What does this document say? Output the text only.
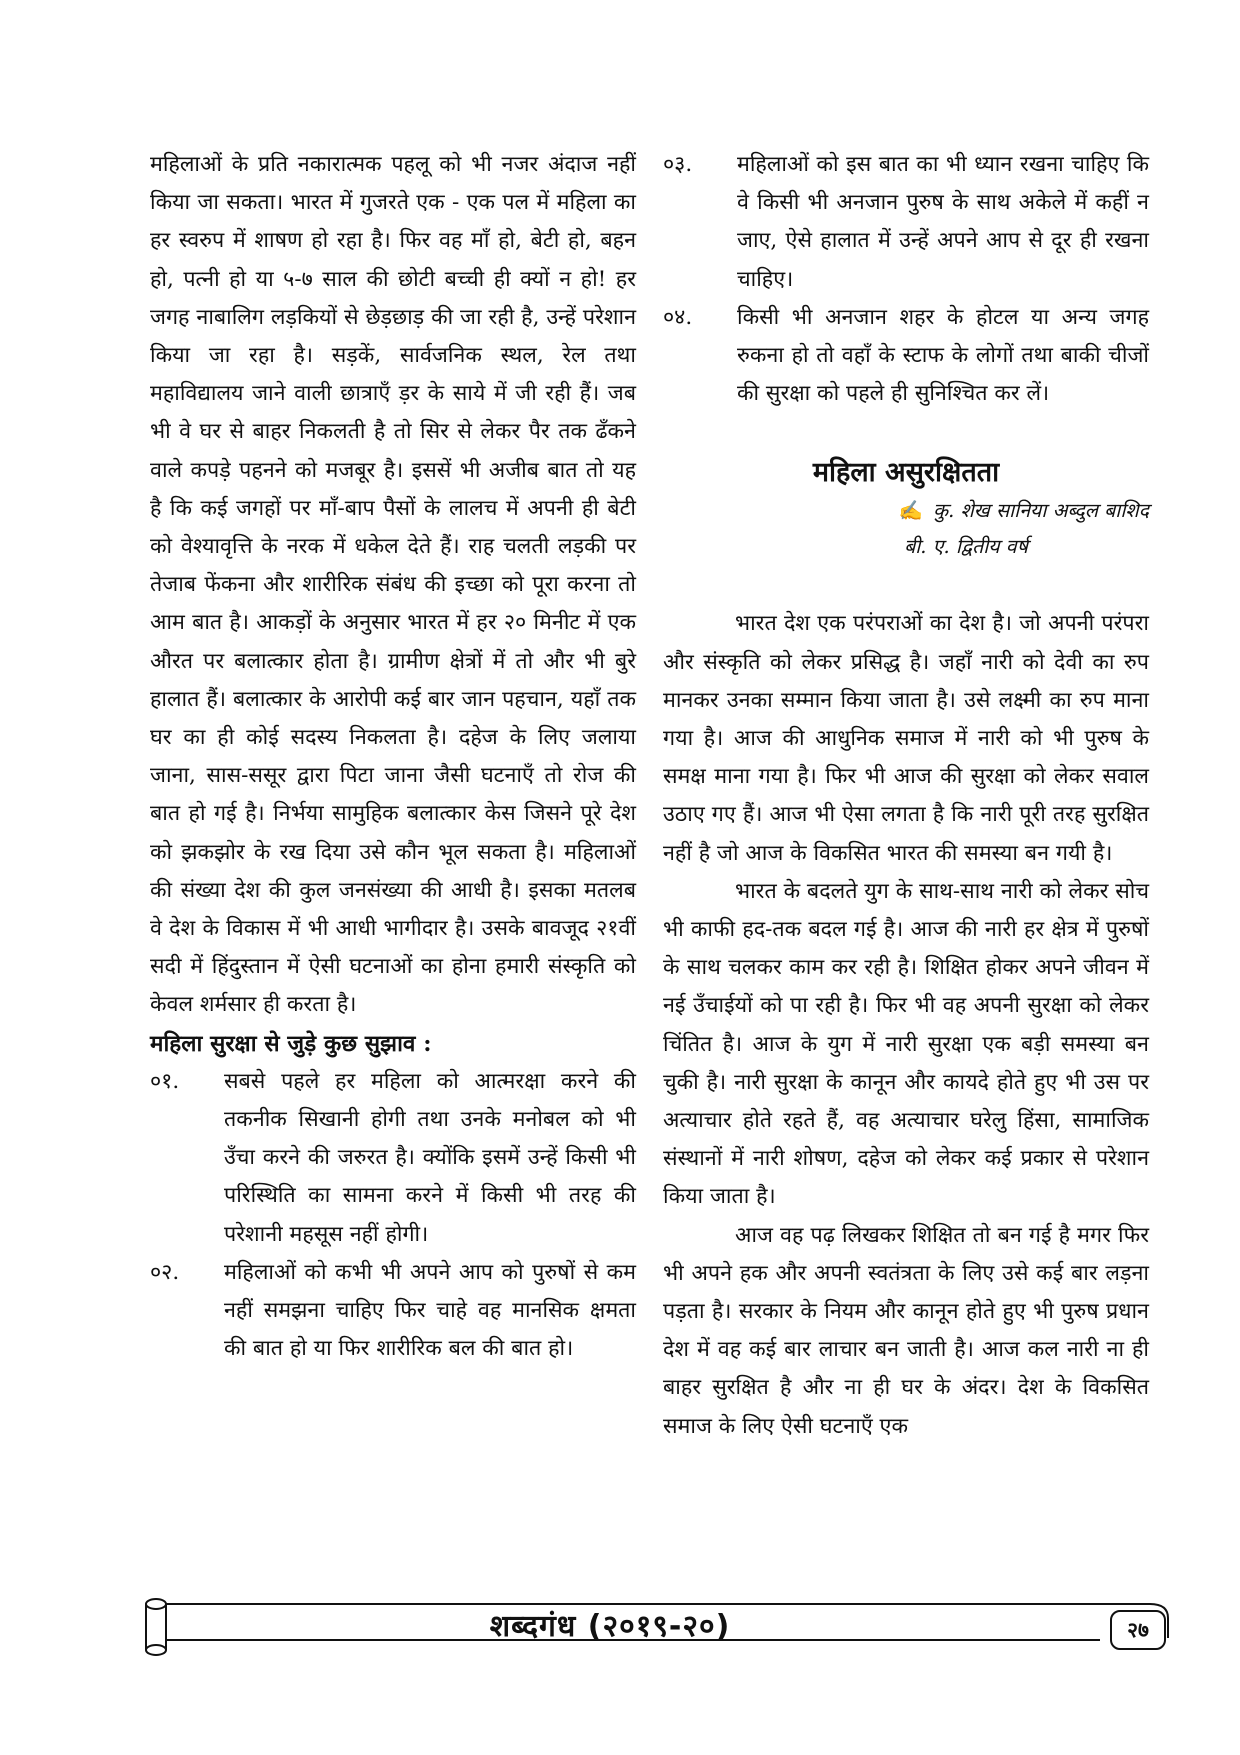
महिलाओं के प्रति नकारात्मक पहलू को भी नजर अंदाज नहीं किया जा सकता। भारत में गुजरते एक - एक पल में महिला का हर स्वरुप में शाषण हो रहा है। फिर वह माँ हो, बेटी हो, बहन हो, पत्नी हो या ५-७ साल की छोटी बच्ची ही क्यों न हो! हर जगह नाबालिग लड़कियों से छेड़छाड़ की जा रही है, उन्हें परेशान किया जा रहा है। सड़कें, सार्वजनिक स्थल, रेल तथा महाविद्यालय जाने वाली छात्राएँ ड़र के साये में जी रही हैं। जब भी वे घर से बाहर निकलती है तो सिर से लेकर पैर तक ढँकने वाले कपड़े पहनने को मजबूर है। इससें भी अजीब बात तो यह है कि कई जगहों पर माँ-बाप पैसों के लालच में अपनी ही बेटी को वेश्यावृत्ति के नरक में धकेल देते हैं। राह चलती लड़की पर तेजाब फेंकना और शारीरिक संबंध की इच्छा को पूरा करना तो आम बात है। आकड़ों के अनुसार भारत में हर २० मिनीट में एक औरत पर बलात्कार होता है। ग्रामीण क्षेत्रों में तो और भी बुरे हालात हैं। बलात्कार के आरोपी कई बार जान पहचान, यहाँ तक घर का ही कोई सदस्य निकलता है। दहेज के लिए जलाया जाना, सास-ससूर द्वारा पिटा जाना जैसी घटनाएँ तो रोज की बात हो गई है। निर्भया सामुहिक बलात्कार केस जिसने पूरे देश को झकझोर के रख दिया उसे कौन भूल सकता है। महिलाओं की संख्या देश की कुल जनसंख्या की आधी है। इसका मतलब वे देश के विकास में भी आधी भागीदार है। उसके बावजूद २१वीं सदी में हिंदुस्तान में ऐसी घटनाओं का होना हमारी संस्कृति को केवल शर्मसार ही करता है।

महिला सुरक्षा से जुड़े कुछ सुझाव :

०१.	सबसे पहले हर महिला को आत्मरक्षा करने की तकनीक सिखानी होगी तथा उनके मनोबल को भी उँचा करने की जरुरत है। क्योंकि इसमें उन्हें किसी भी परिस्थिति का सामना करने में किसी भी तरह की परेशानी महसूस नहीं होगी।
०२.	महिलाओं को कभी भी अपने आप को पुरुषों से कम नहीं समझना चाहिए फिर चाहे वह मानसिक क्षमता की बात हो या फिर शारीरिक बल की बात हो।
०३.	महिलाओं को इस बात का भी ध्यान रखना चाहिए कि वे किसी भी अनजान पुरुष के साथ अकेले में कहीं न जाए, ऐसे हालात में उन्हें अपने आप से दूर ही रखना चाहिए।
०४.	किसी भी अनजान शहर के होटल या अन्य जगह रुकना हो तो वहाँ के स्टाफ के लोगों तथा बाकी चीजों की सुरक्षा को पहले ही सुनिश्चित कर लें।
महिला असुरक्षितता
✍ कु. शेख सानिया अब्दुल बाशिद
बी. ए. द्वितीय वर्ष

भारत देश एक परंपराओं का देश है। जो अपनी परंपरा और संस्कृति को लेकर प्रसिद्ध है। जहाँ नारी को देवी का रुप मानकर उनका सम्मान किया जाता है। उसे लक्ष्मी का रुप माना गया है। आज की आधुनिक समाज में नारी को भी पुरुष के समक्ष माना गया है। फिर भी आज की सुरक्षा को लेकर सवाल उठाए गए हैं। आज भी ऐसा लगता है कि नारी पूरी तरह सुरक्षित नहीं है जो आज के विकसित भारत की समस्या बन गयी है।

भारत के बदलते युग के साथ-साथ नारी को लेकर सोच भी काफी हद-तक बदल गई है। आज की नारी हर क्षेत्र में पुरुषों के साथ चलकर काम कर रही है। शिक्षित होकर अपने जीवन में नई उँचाईयों को पा रही है। फिर भी वह अपनी सुरक्षा को लेकर चिंतित है। आज के युग में नारी सुरक्षा एक बड़ी समस्या बन चुकी है। नारी सुरक्षा के कानून और कायदे होते हुए भी उस पर अत्याचार होते रहते हैं, वह अत्याचार घरेलु हिंसा, सामाजिक संस्थानों में नारी शोषण, दहेज को लेकर कई प्रकार से परेशान किया जाता है।

आज वह पढ़ लिखकर शिक्षित तो बन गई है मगर फिर भी अपने हक और अपनी स्वतंत्रता के लिए उसे कई बार लड़ना पड़ता है। सरकार के नियम और कानून होते हुए भी पुरुष प्रधान देश में वह कई बार लाचार बन जाती है। आज कल नारी ना ही बाहर सुरक्षित है और ना ही घर के अंदर। देश के विकसित समाज के लिए ऐसी घटनाएँ एक

शब्दगंध (२०१९-२०)	२७
